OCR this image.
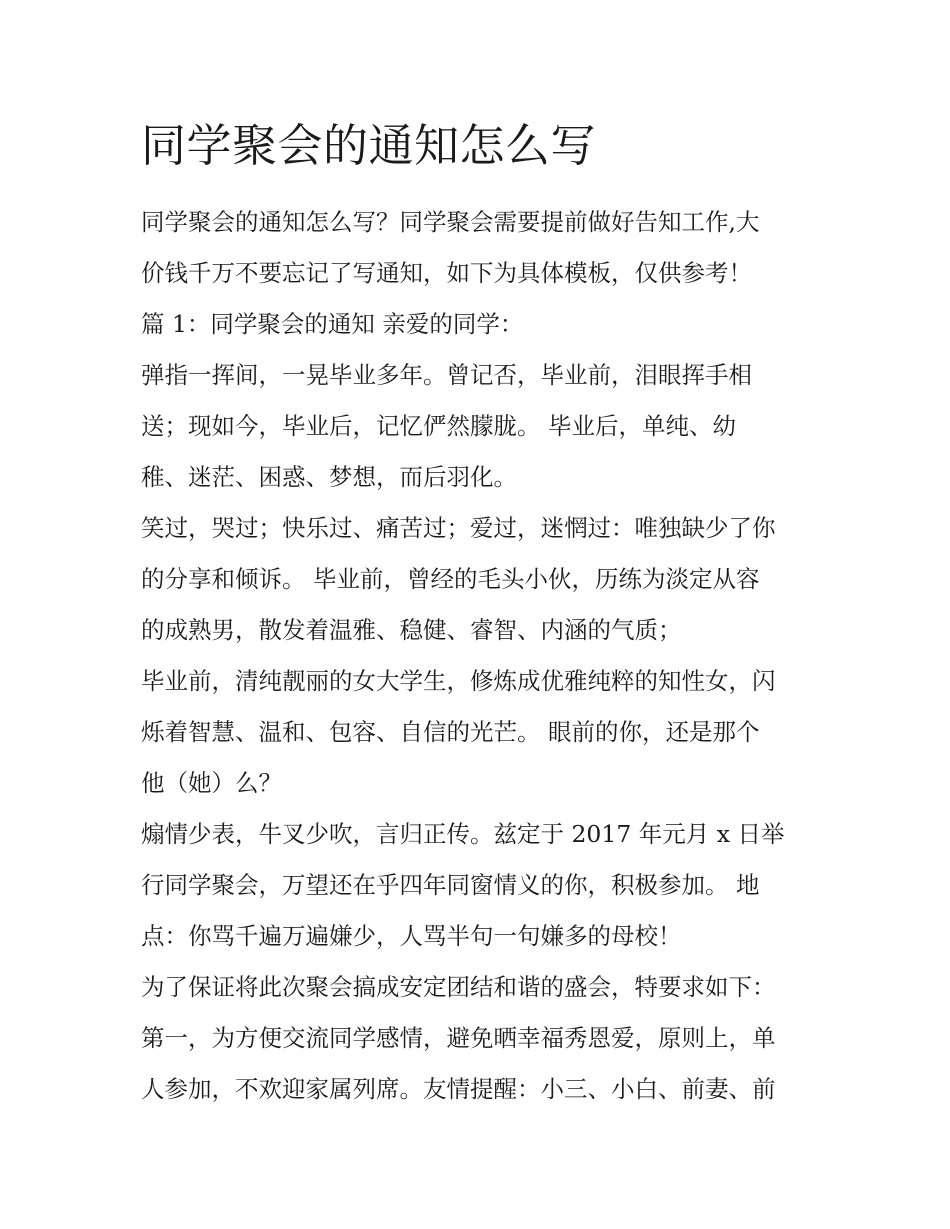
同学聚会的通知怎么写

同学聚会的通知怎么写？同学聚会需要提前做好告知工作,大

价钱千万不要忘记了写通知，如下为具体模板，仅供参考！

篇 1：同学聚会的通知 亲爱的同学：

弹指一挥间，一晃毕业多年。曾记否，毕业前，泪眼挥手相

送；现如今，毕业后，记忆俨然朦胧。 毕业后，单纯、幼

稚、迷茫、困惑、梦想，而后羽化。

笑过，哭过；快乐过、痛苦过；爱过，迷惘过：唯独缺少了你

的分享和倾诉。 毕业前，曾经的毛头小伙，历练为淡定从容

的成熟男，散发着温雅、稳健、睿智、内涵的气质；

毕业前，清纯靓丽的女大学生，修炼成优雅纯粹的知性女，闪

烁着智慧、温和、包容、自信的光芒。 眼前的你，还是那个

他（她）么？

煽情少表，牛叉少吹，言归正传。兹定于 2017 年元月 x 日举

行同学聚会，万望还在乎四年同窗情义的你，积极参加。 地

点：你骂千遍万遍嫌少，人骂半句一句嫌多的母校！

为了保证将此次聚会搞成安定团结和谐的盛会，特要求如下：

第一，为方便交流同学感情，避免晒幸福秀恩爱，原则上，单

人参加，不欢迎家属列席。友情提醒：小三、小白、前妻、前
